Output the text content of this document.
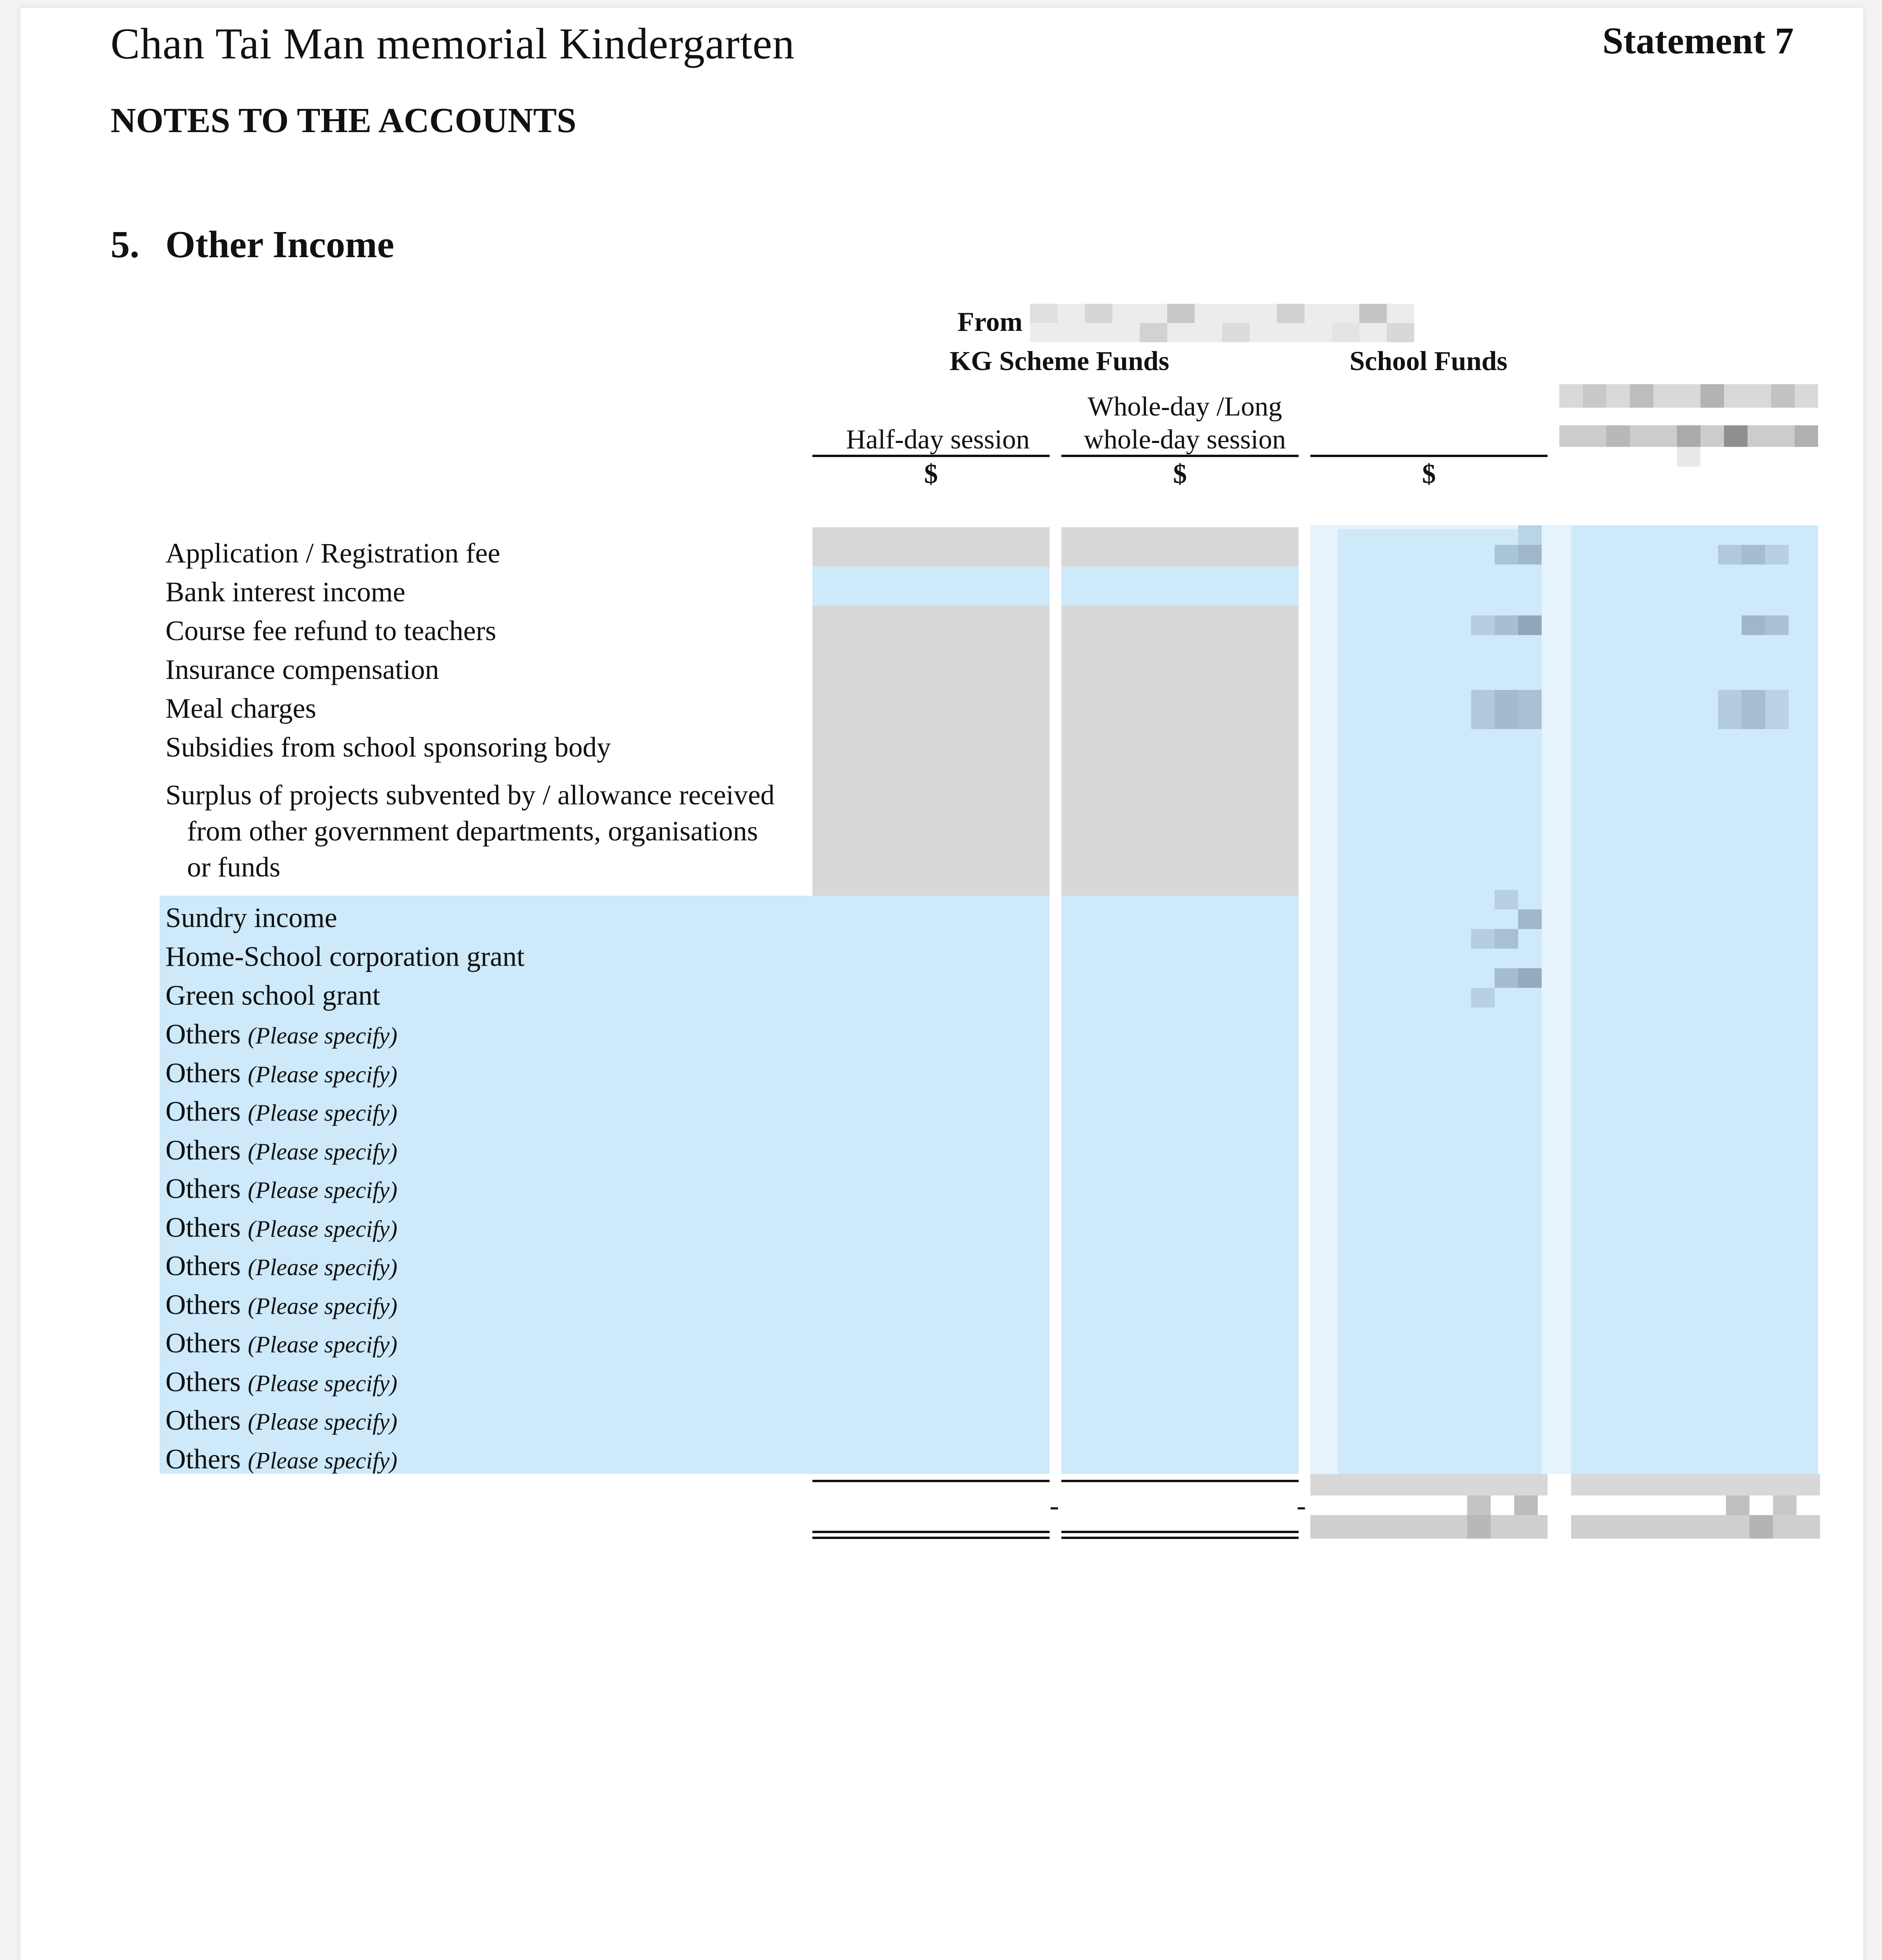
Chan Tai Man memorial Kindergarten	Statement 7
NOTES TO THE ACCOUNTS
5. Other Income
From
KG Scheme Funds	School Funds
Whole-day /Long
Half-day session	whole-day session
$	$	$
Application / Registration fee
Bank interest income
Course fee refund to teachers
Insurance compensation
Meal charges
Subsidies from school sponsoring body
Surplus of projects subvented by / allowance received
from other government departments, organisations
or funds
Sundry income
Home-School corporation grant
Green school grant
Others (Please specify)
Others (Please specify)
Others (Please specify)
Others (Please specify)
Others (Please specify)
Others (Please specify)
Others (Please specify)
Others (Please specify)
Others (Please specify)
Others (Please specify)
Others (Please specify)
Others (Please specify)
-	-
